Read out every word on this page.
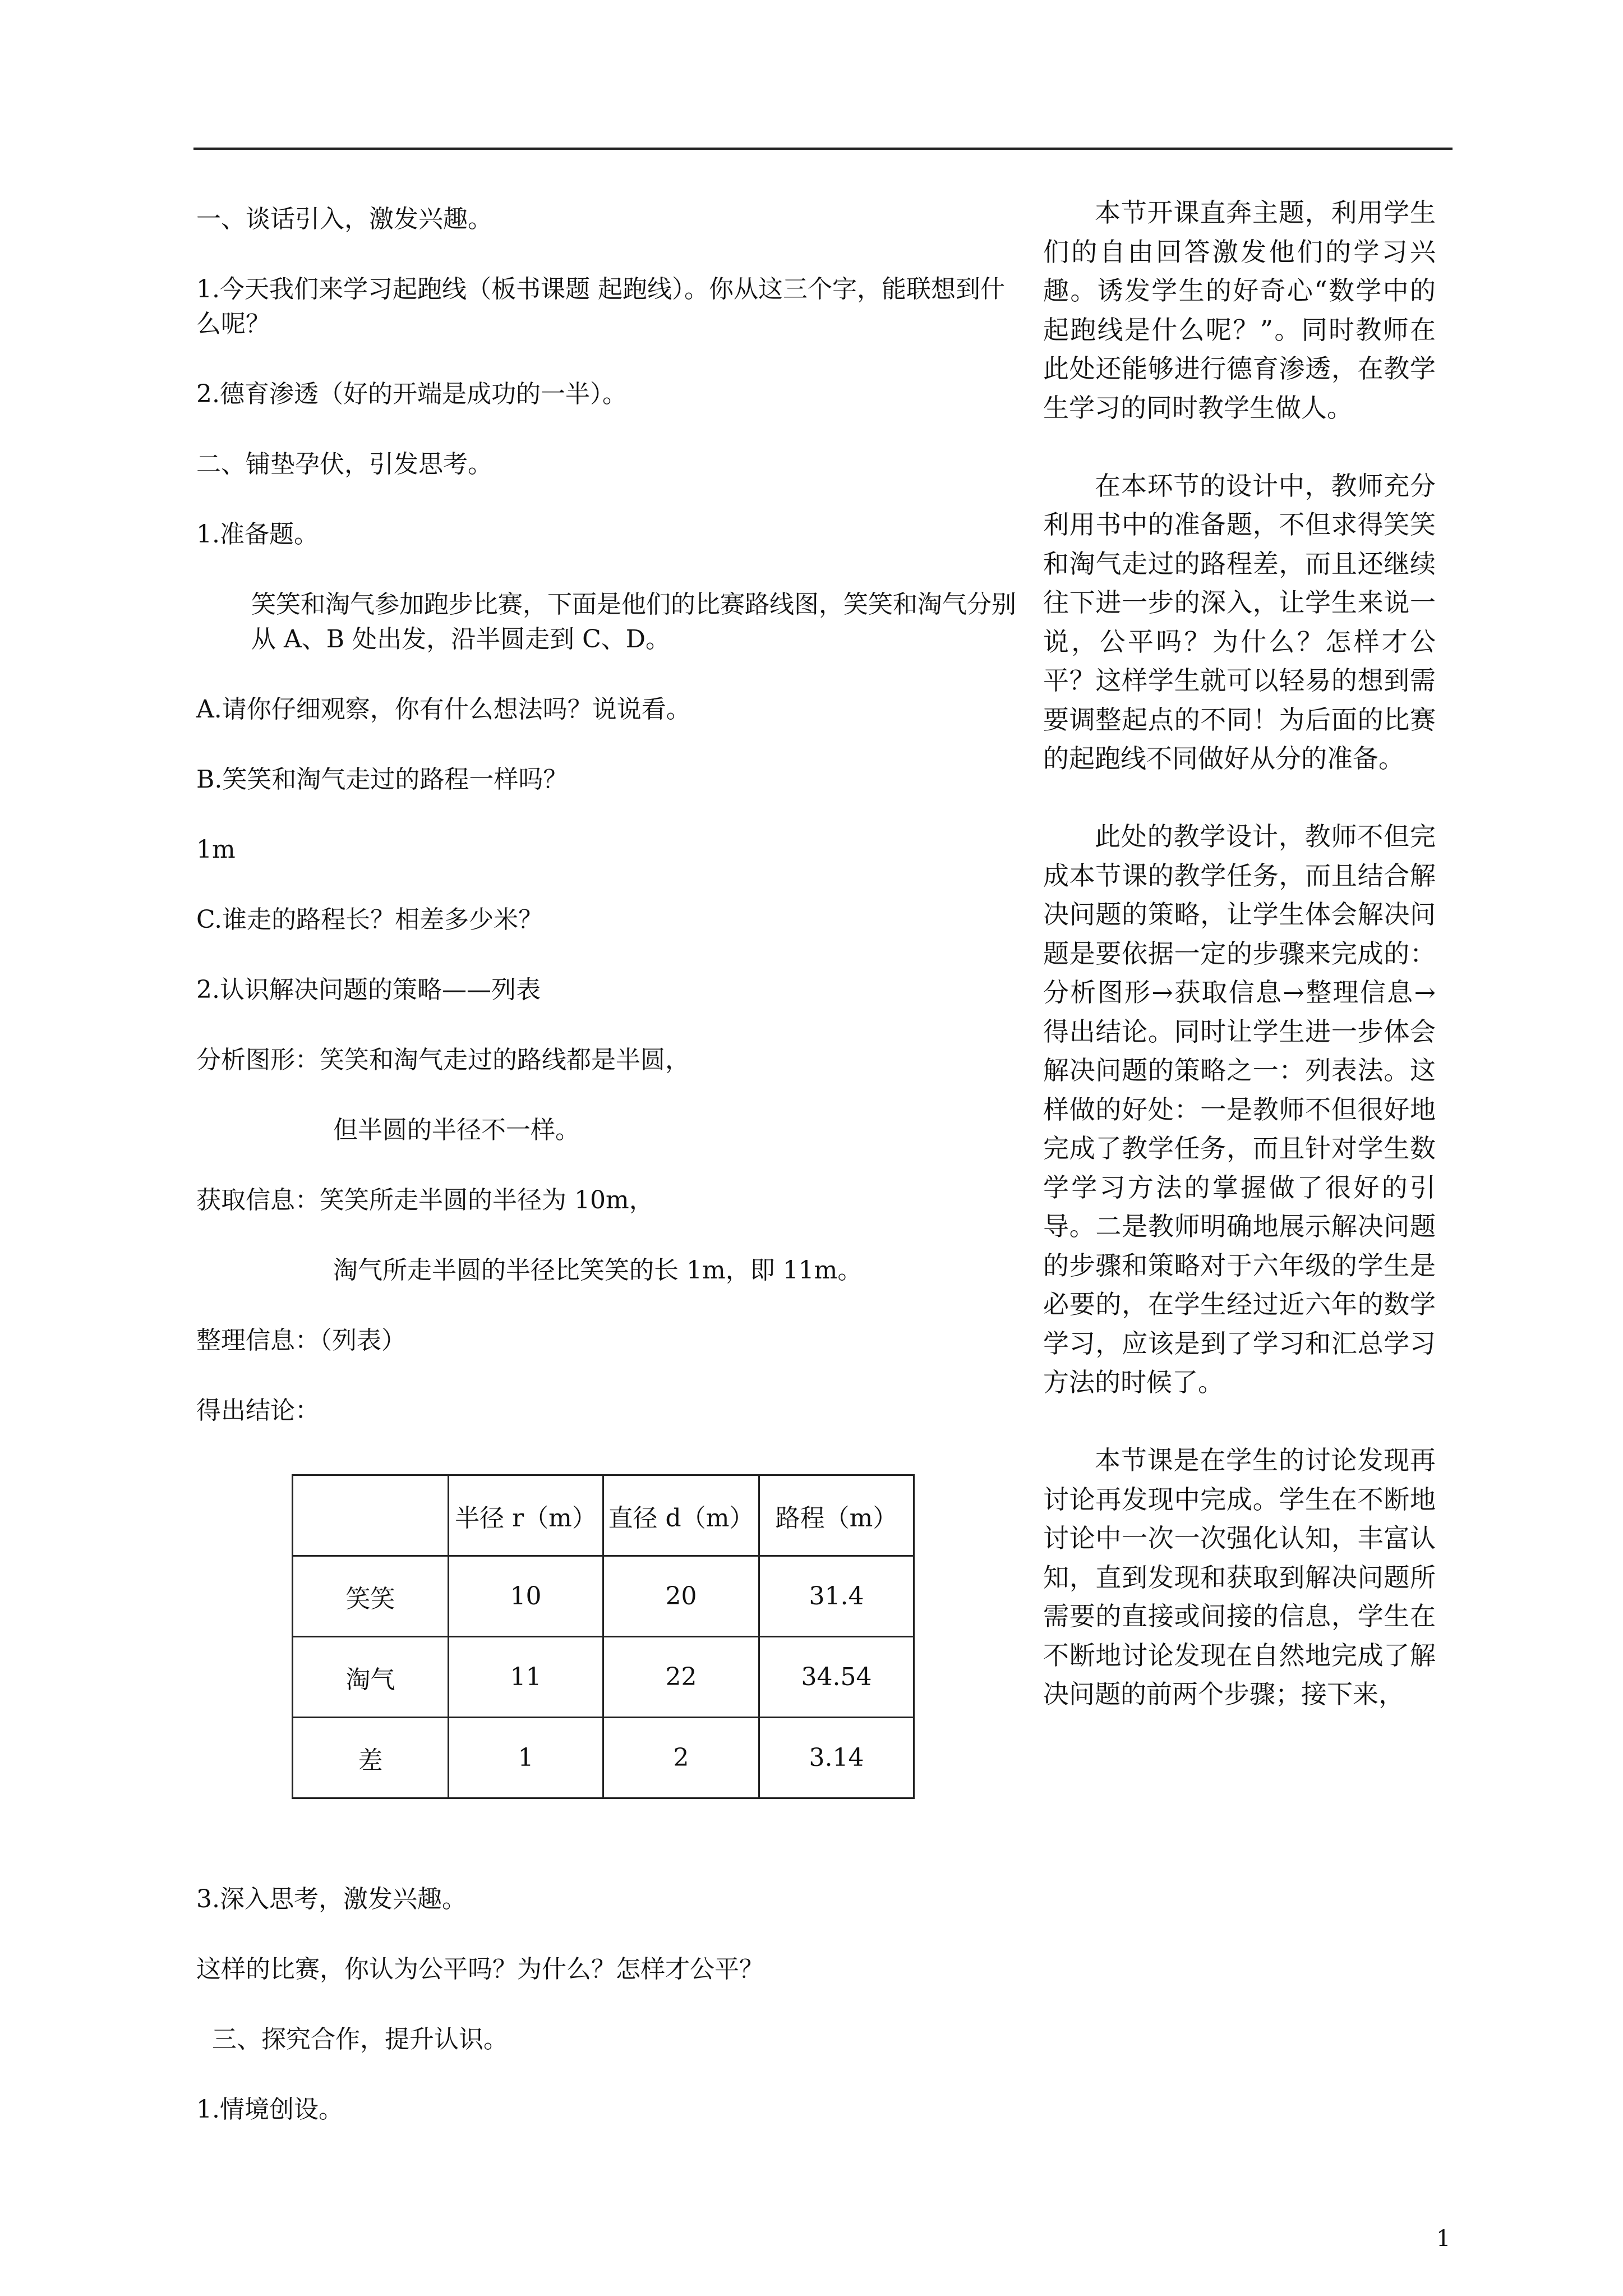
一、谈话引入，激发兴趣。

1.今天我们来学习起跑线（板书课题 起跑线）。你从这三个字，能联想到什么呢？

2.德育渗透（好的开端是成功的一半）。

二、铺垫孕伏，引发思考。

1.准备题。

笑笑和淘气参加跑步比赛，下面是他们的比赛路线图，笑笑和淘气分别从 A、B 处出发，沿半圆走到 C、D。

A.请你仔细观察，你有什么想法吗？说说看。

B.笑笑和淘气走过的路程一样吗？

1m

C.谁走的路程长？相差多少米？

2.认识解决问题的策略——列表

分析图形：笑笑和淘气走过的路线都是半圆，

但半圆的半径不一样。

获取信息：笑笑所走半圆的半径为 10m，

淘气所走半圆的半径比笑笑的长 1m，即 11m。

整理信息：（列表）

得出结论：

	半径 r（m）	直径 d（m）	路程（m）
笑笑	10	20	31.4
淘气	11	22	34.54
差	1	2	3.14

3.深入思考，激发兴趣。

这样的比赛，你认为公平吗？为什么？怎样才公平？

三、探究合作，提升认识。

1.情境创设。

本节开课直奔主题，利用学生们的自由回答激发他们的学习兴趣。诱发学生的好奇心“数学中的起跑线是什么呢？”。同时教师在此处还能够进行德育渗透，在教学生学习的同时教学生做人。

在本环节的设计中，教师充分利用书中的准备题，不但求得笑笑和淘气走过的路程差，而且还继续往下进一步的深入，让学生来说一说，公平吗？为什么？怎样才公平？这样学生就可以轻易的想到需要调整起点的不同！为后面的比赛的起跑线不同做好从分的准备。

此处的教学设计，教师不但完成本节课的教学任务，而且结合解决问题的策略，让学生体会解决问题是要依据一定的步骤来完成的：分析图形→获取信息→整理信息→得出结论。同时让学生进一步体会解决问题的策略之一：列表法。这样做的好处：一是教师不但很好地完成了教学任务，而且针对学生数学学习方法的掌握做了很好的引导。二是教师明确地展示解决问题的步骤和策略对于六年级的学生是必要的，在学生经过近六年的数学学习，应该是到了学习和汇总学习方法的时候了。

本节课是在学生的讨论发现再讨论再发现中完成。学生在不断地讨论中一次一次强化认知，丰富认知，直到发现和获取到解决问题所需要的直接或间接的信息，学生在不断地讨论发现在自然地完成了解决问题的前两个步骤；接下来，

1
